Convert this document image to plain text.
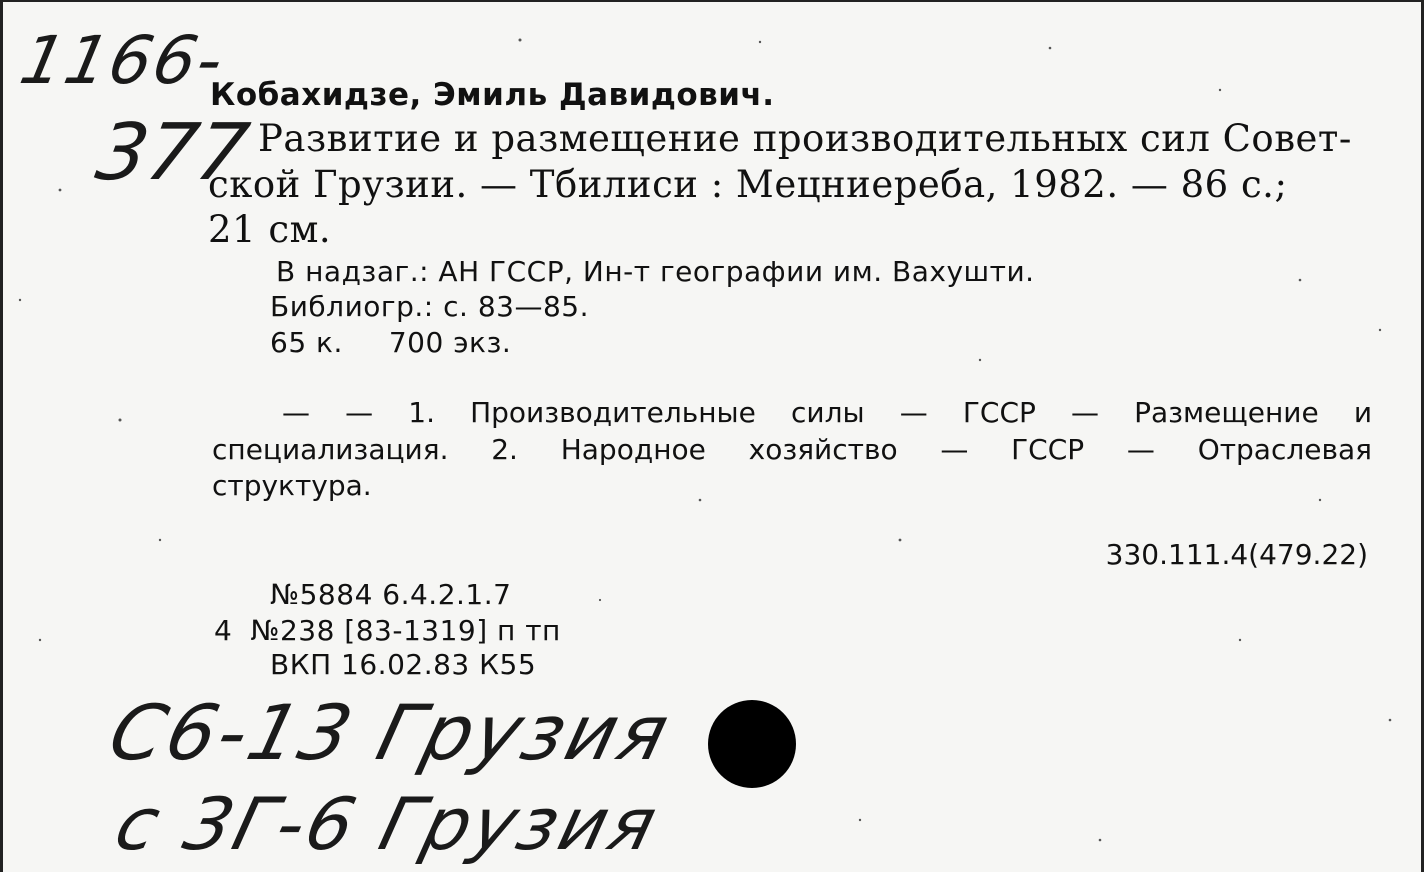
1166-
377
Кобахидзе, Эмиль Давидович.
Развитие и размещение производительных сил Совет-
ской Грузии. — Тбилиси : Мецниереба, 1982. — 86 с.;
21 см.
В надзаг.: АН ГССР, Ин-т географии им. Вахушти.
Библиогр.: с. 83—85.
65 к. 700 экз.
— — 1. Производительные силы — ГССР — Размещение и
специализация. 2. Народное хозяйство — ГССР — Отраслевая
структура.
330.111.4(479.22)
№5884 6.4.2.1.7
4 №238 [83-1319] п тп
ВКП 16.02.83 К55
С6-13 Грузия
с 3Г-6 Грузия
